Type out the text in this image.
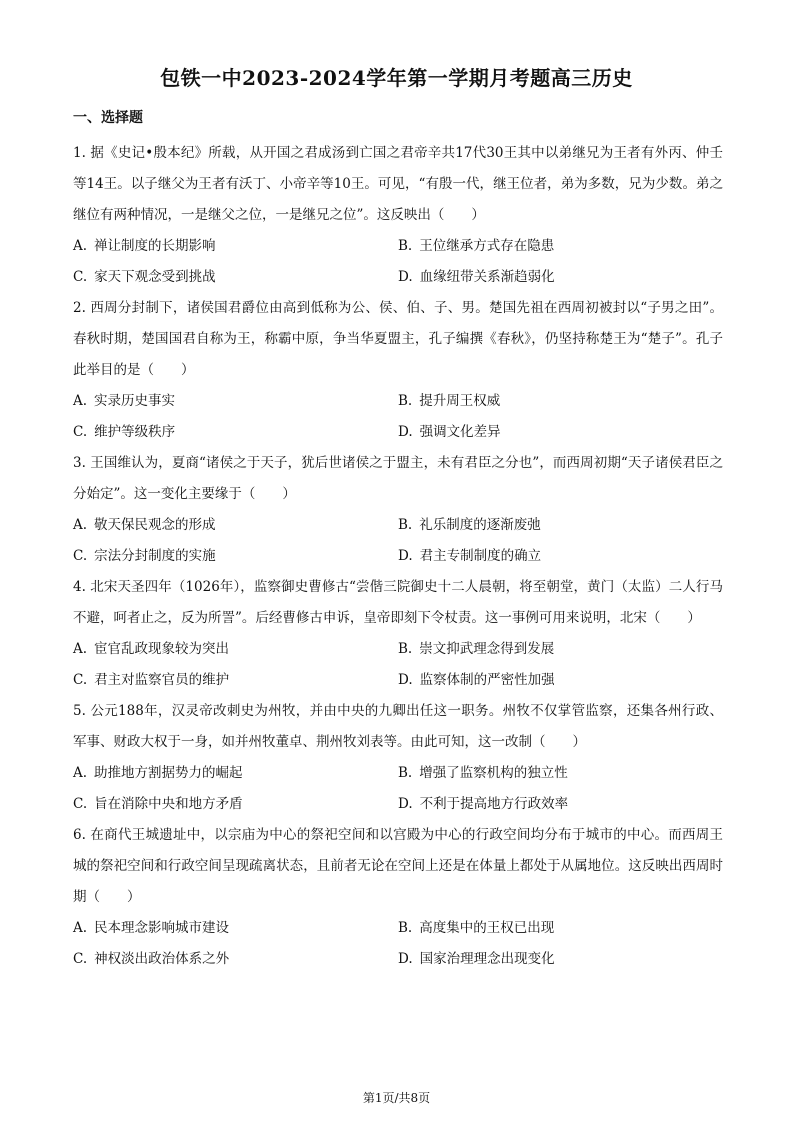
包铁一中2023-2024学年第一学期月考题高三历史
一、选择题
1. 据《史记•殷本纪》所载，从开国之君成汤到亡国之君帝辛共17代30王其中以弟继兄为王者有外丙、仲壬等14王。以子继父为王者有沃丁、小帝辛等10王。可见，“有殷一代，继王位者，弟为多数，兄为少数。弟之继位有两种情况，一是继父之位，一是继兄之位”。这反映出（　　）
A. 禅让制度的长期影响	B. 王位继承方式存在隐患
C. 家天下观念受到挑战	D. 血缘纽带关系渐趋弱化
2. 西周分封制下，诸侯国君爵位由高到低称为公、侯、伯、子、男。楚国先祖在西周初被封以“子男之田”。春秋时期，楚国国君自称为王，称霸中原，争当华夏盟主，孔子编撰《春秋》，仍坚持称楚王为“楚子”。孔子此举目的是（　　）
A. 实录历史事实	B. 提升周王权威
C. 维护等级秩序	D. 强调文化差异
3. 王国维认为，夏商“诸侯之于天子，犹后世诸侯之于盟主，未有君臣之分也”，而西周初期“天子诸侯君臣之分始定”。这一变化主要缘于（　　）
A. 敬天保民观念的形成	B. 礼乐制度的逐渐废弛
C. 宗法分封制度的实施	D. 君主专制制度的确立
4. 北宋天圣四年（1026年），监察御史曹修古“尝偕三院御史十二人晨朝，将至朝堂，黄门（太监）二人行马不避，呵者止之，反为所詈”。后经曹修古申诉，皇帝即刻下令杖责。这一事例可用来说明，北宋（　　）
A. 宦官乱政现象较为突出	B. 崇文抑武理念得到发展
C. 君主对监察官员的维护	D. 监察体制的严密性加强
5. 公元188年，汉灵帝改刺史为州牧，并由中央的九卿出任这一职务。州牧不仅掌管监察，还集各州行政、军事、财政大权于一身，如并州牧董卓、荆州牧刘表等。由此可知，这一改制（　　）
A. 助推地方割据势力的崛起	B. 增强了监察机构的独立性
C. 旨在消除中央和地方矛盾	D. 不利于提高地方行政效率
6. 在商代王城遗址中，以宗庙为中心的祭祀空间和以宫殿为中心的行政空间均分布于城市的中心。而西周王城的祭祀空间和行政空间呈现疏离状态，且前者无论在空间上还是在体量上都处于从属地位。这反映出西周时期（　　）
A. 民本理念影响城市建设	B. 高度集中的王权已出现
C. 神权淡出政治体系之外	D. 国家治理理念出现变化
第1页/共8页
